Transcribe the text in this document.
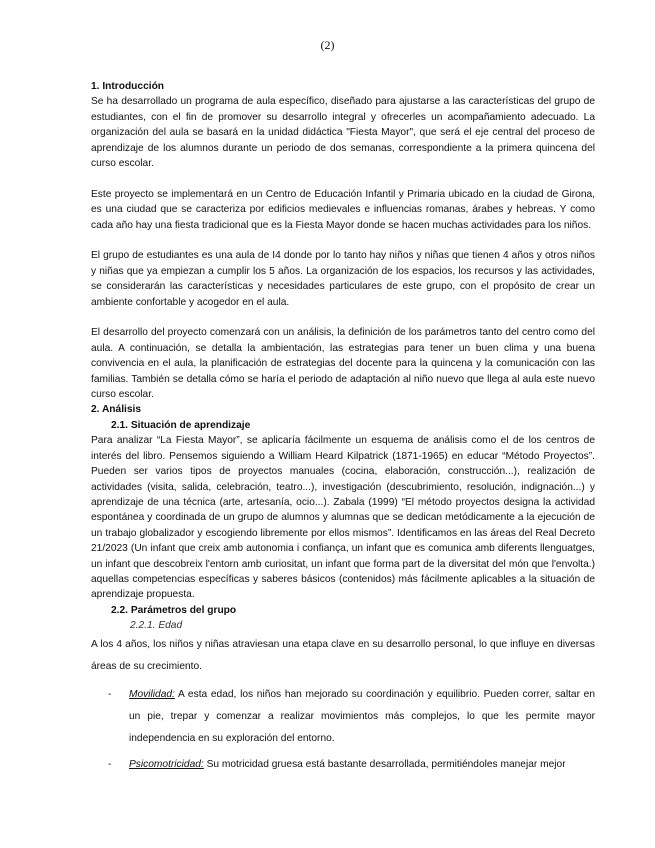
(2)
1. Introducción

Se ha desarrollado un programa de aula específico, diseñado para ajustarse a las características del grupo de estudiantes, con el fin de promover su desarrollo integral y ofrecerles un acompañamiento adecuado. La organización del aula se basará en la unidad didáctica "Fiesta Mayor", que será el eje central del proceso de aprendizaje de los alumnos durante un periodo de dos semanas, correspondiente a la primera quincena del curso escolar.

Este proyecto se implementará en un Centro de Educación Infantil y Primaria ubicado en la ciudad de Girona, es una ciudad que se caracteriza por edificios medievales e influencias romanas, árabes y hebreas. Y como cada año hay una fiesta tradicional que es la Fiesta Mayor donde se hacen muchas actividades para los niños.

El grupo de estudiantes es una aula de I4 donde por lo tanto hay niños y niñas que tienen 4 años y otros niños y niñas que ya empiezan a cumplir los 5 años. La organización de los espacios, los recursos y las actividades, se considerarán las características y necesidades particulares de este grupo, con el propósito de crear un ambiente confortable y acogedor en el aula.

El desarrollo del proyecto comenzará con un análisis, la definición de los parámetros tanto del centro como del aula. A continuación, se detalla la ambientación, las estrategias para tener un buen clima y una buena convivencia en el aula, la planificación de estrategias del docente para la quincena y la comunicación con las familias. También se detalla cómo se haría el periodo de adaptación al niño nuevo que llega al aula este nuevo curso escolar.

2. Análisis
2.1. Situación de aprendizaje

Para analizar “La Fiesta Mayor”, se aplicaría fácilmente un esquema de análisis como el de los centros de interés del libro. Pensemos siguiendo a William Heard Kilpatrick (1871-1965) en educar “Método Proyectos”. Pueden ser varios tipos de proyectos manuales (cocina, elaboración, construcción...), realización de actividades (visita, salida, celebración, teatro...), investigación (descubrimiento, resolución, indignación...) y aprendizaje de una técnica (arte, artesanía, ocio...). Zabala (1999) “El método proyectos designa la actividad espontánea y coordinada de un grupo de alumnos y alumnas que se dedican metódicamente a la ejecución de un trabajo globalizador y escogiendo libremente por ellos mismos”. Identificamos en las áreas del Real Decreto 21/2023 (Un infant que creix amb autonomia i confiança, un infant que es comunica amb diferents llenguatges, un infant que descobreix l'entorn amb curiositat, un infant que forma part de la diversitat del món que l'envolta.) aquellas competencias específicas y saberes básicos (contenidos) más fácilmente aplicables a la situación de aprendizaje propuesta.

2.2. Parámetros del grupo
2.2.1. Edad

A los 4 años, los niños y niñas atraviesan una etapa clave en su desarrollo personal, lo que influye en diversas áreas de su crecimiento.

- Movilidad: A esta edad, los niños han mejorado su coordinación y equilibrio. Pueden correr, saltar en un pie, trepar y comenzar a realizar movimientos más complejos, lo que les permite mayor independencia en su exploración del entorno.
- Psicomotricidad: Su motricidad gruesa está bastante desarrollada, permitiéndoles manejar mejor
